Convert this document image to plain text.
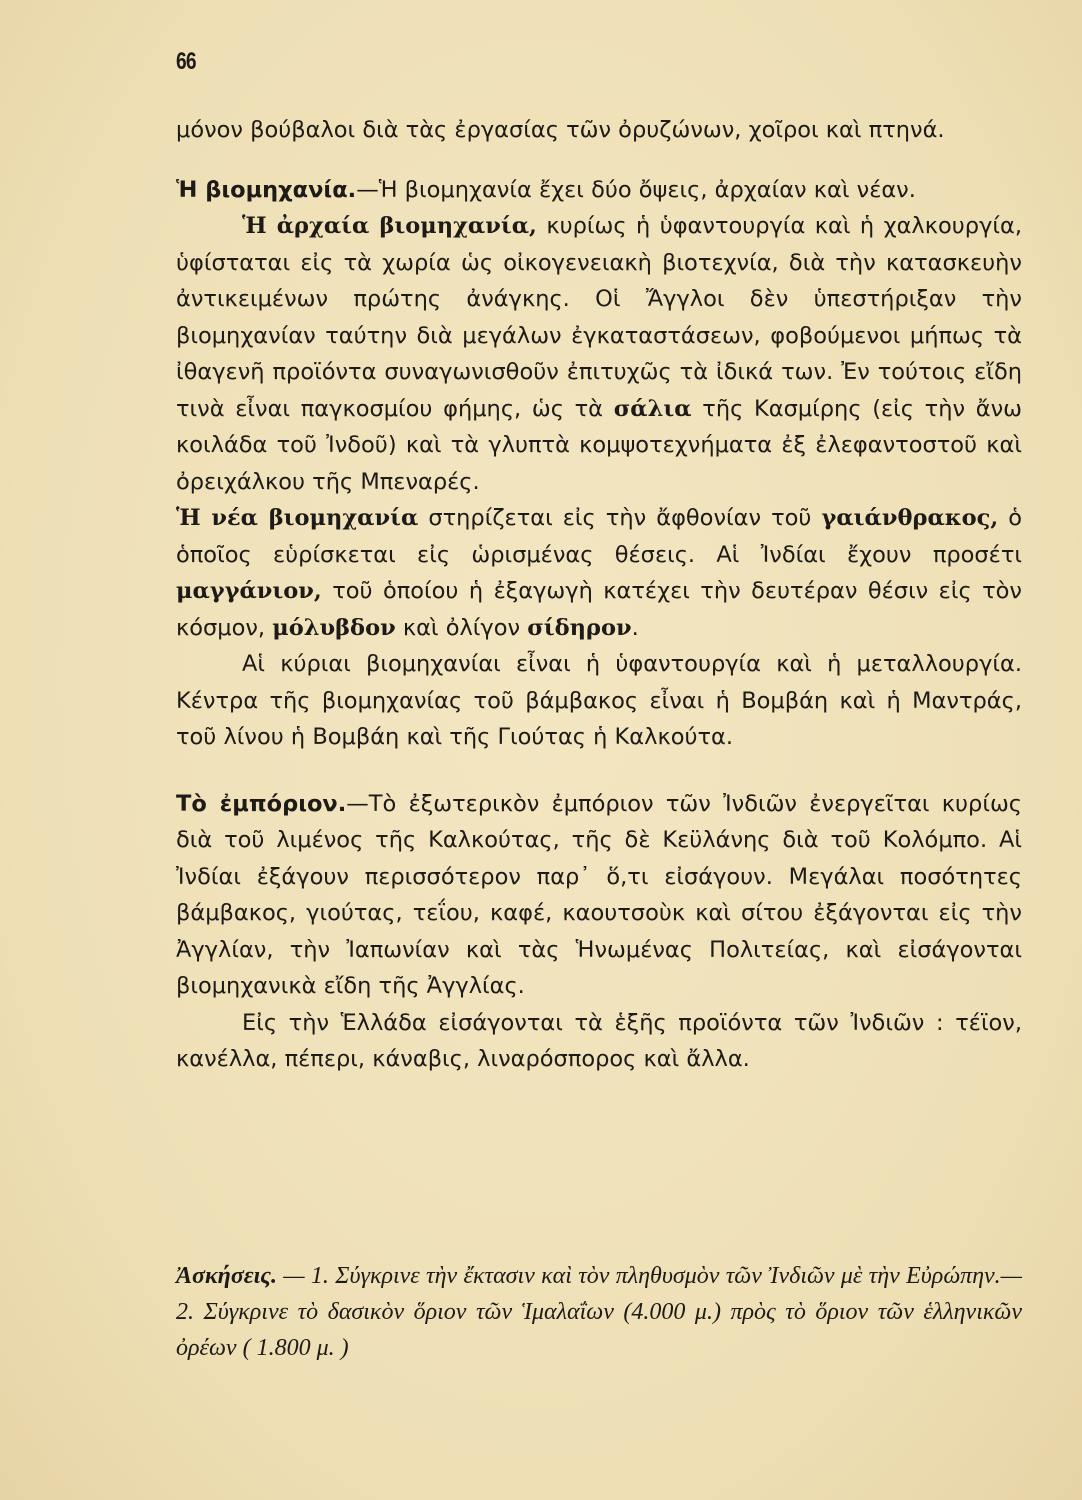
66

μόνον βούβαλοι διὰ τὰς ἐργασίας τῶν ὀρυζώνων, χοῖροι καὶ πτηνά.

Ἡ βιομηχανία.—Ἡ βιομηχανία ἔχει δύο ὄψεις, ἀρχαίαν καὶ νέαν.

Ἡ ἀρχαία βιομηχανία, κυρίως ἡ ὑφαντουργία καὶ ἡ χαλκουργία, ὑφίσταται εἰς τὰ χωρία ὡς οἰκογενειακὴ βιοτεχνία, διὰ τὴν κατασκευὴν ἀντικειμένων πρώτης ἀνάγκης. Οἱ Ἄγγλοι δὲν ὑπεστήριξαν τὴν βιομηχανίαν ταύτην διὰ μεγάλων ἐγκαταστάσεων, φοβούμενοι μήπως τὰ ἰθαγενῆ προϊόντα συναγωνισθοῦν ἐπιτυχῶς τὰ ἰδικά των. Ἐν τούτοις εἴδη τινὰ εἶναι παγκοσμίου φήμης, ὡς τὰ σάλια τῆς Κασμίρης (εἰς τὴν ἄνω κοιλάδα τοῦ Ἰνδοῦ) καὶ τὰ γλυπτὰ κομψοτεχνήματα ἐξ ἐλεφαντοστοῦ καὶ ὀρειχάλκου τῆς Μπεναρές.

Ἡ νέα βιομηχανία στηρίζεται εἰς τὴν ἄφθονίαν τοῦ γαιάνθρακος, ὁ ὁποῖος εὑρίσκεται εἰς ὡρισμένας θέσεις. Αἱ Ἰνδίαι ἔχουν προσέτι μαγγάνιον, τοῦ ὁποίου ἡ ἐξαγωγὴ κατέχει τὴν δευτέραν θέσιν εἰς τὸν κόσμον, μόλυβδον καὶ ὀλίγον σίδηρον.

Αἱ κύριαι βιομηχανίαι εἶναι ἡ ὑφαντουργία καὶ ἡ μεταλλουργία. Κέντρα τῆς βιομηχανίας τοῦ βάμβακος εἶναι ἡ Βομβάη καὶ ἡ Μαντράς, τοῦ λίνου ἡ Βομβάη καὶ τῆς Γιούτας ἡ Καλκούτα.

Τὸ ἐμπόριον.—Τὸ ἐξωτερικὸν ἐμπόριον τῶν Ἰνδιῶν ἐνεργεῖται κυρίως διὰ τοῦ λιμένος τῆς Καλκούτας, τῆς δὲ Κεϋλάνης διὰ τοῦ Κολόμπο. Αἱ Ἰνδίαι ἐξάγουν περισσότερον παρ᾽ ὅ,τι εἰσάγουν. Μεγάλαι ποσότητες βάμβακος, γιούτας, τεΐου, καφέ, καουτσοὺκ καὶ σίτου ἐξάγονται εἰς τὴν Ἀγγλίαν, τὴν Ἰαπωνίαν καὶ τὰς Ἡνωμένας Πολιτείας, καὶ εἰσάγονται βιομηχανικὰ εἴδη τῆς Ἀγγλίας.

Εἰς τὴν Ἑλλάδα εἰσάγονται τὰ ἑξῆς προϊόντα τῶν Ἰνδιῶν : τέϊον, κανέλλα, πέπερι, κάναβις, λιναρόσπορος καὶ ἄλλα.

Ἀσκήσεις. — 1. Σύγκρινε τὴν ἔκτασιν καὶ τὸν πληθυσμὸν τῶν Ἰνδιῶν μὲ τὴν Εὐρώπην.— 2. Σύγκρινε τὸ δασικὸν ὅριον τῶν Ἱμαλαΐων (4.000 μ.) πρὸς τὸ ὅριον τῶν ἑλληνικῶν ὀρέων ( 1.800 μ. )
